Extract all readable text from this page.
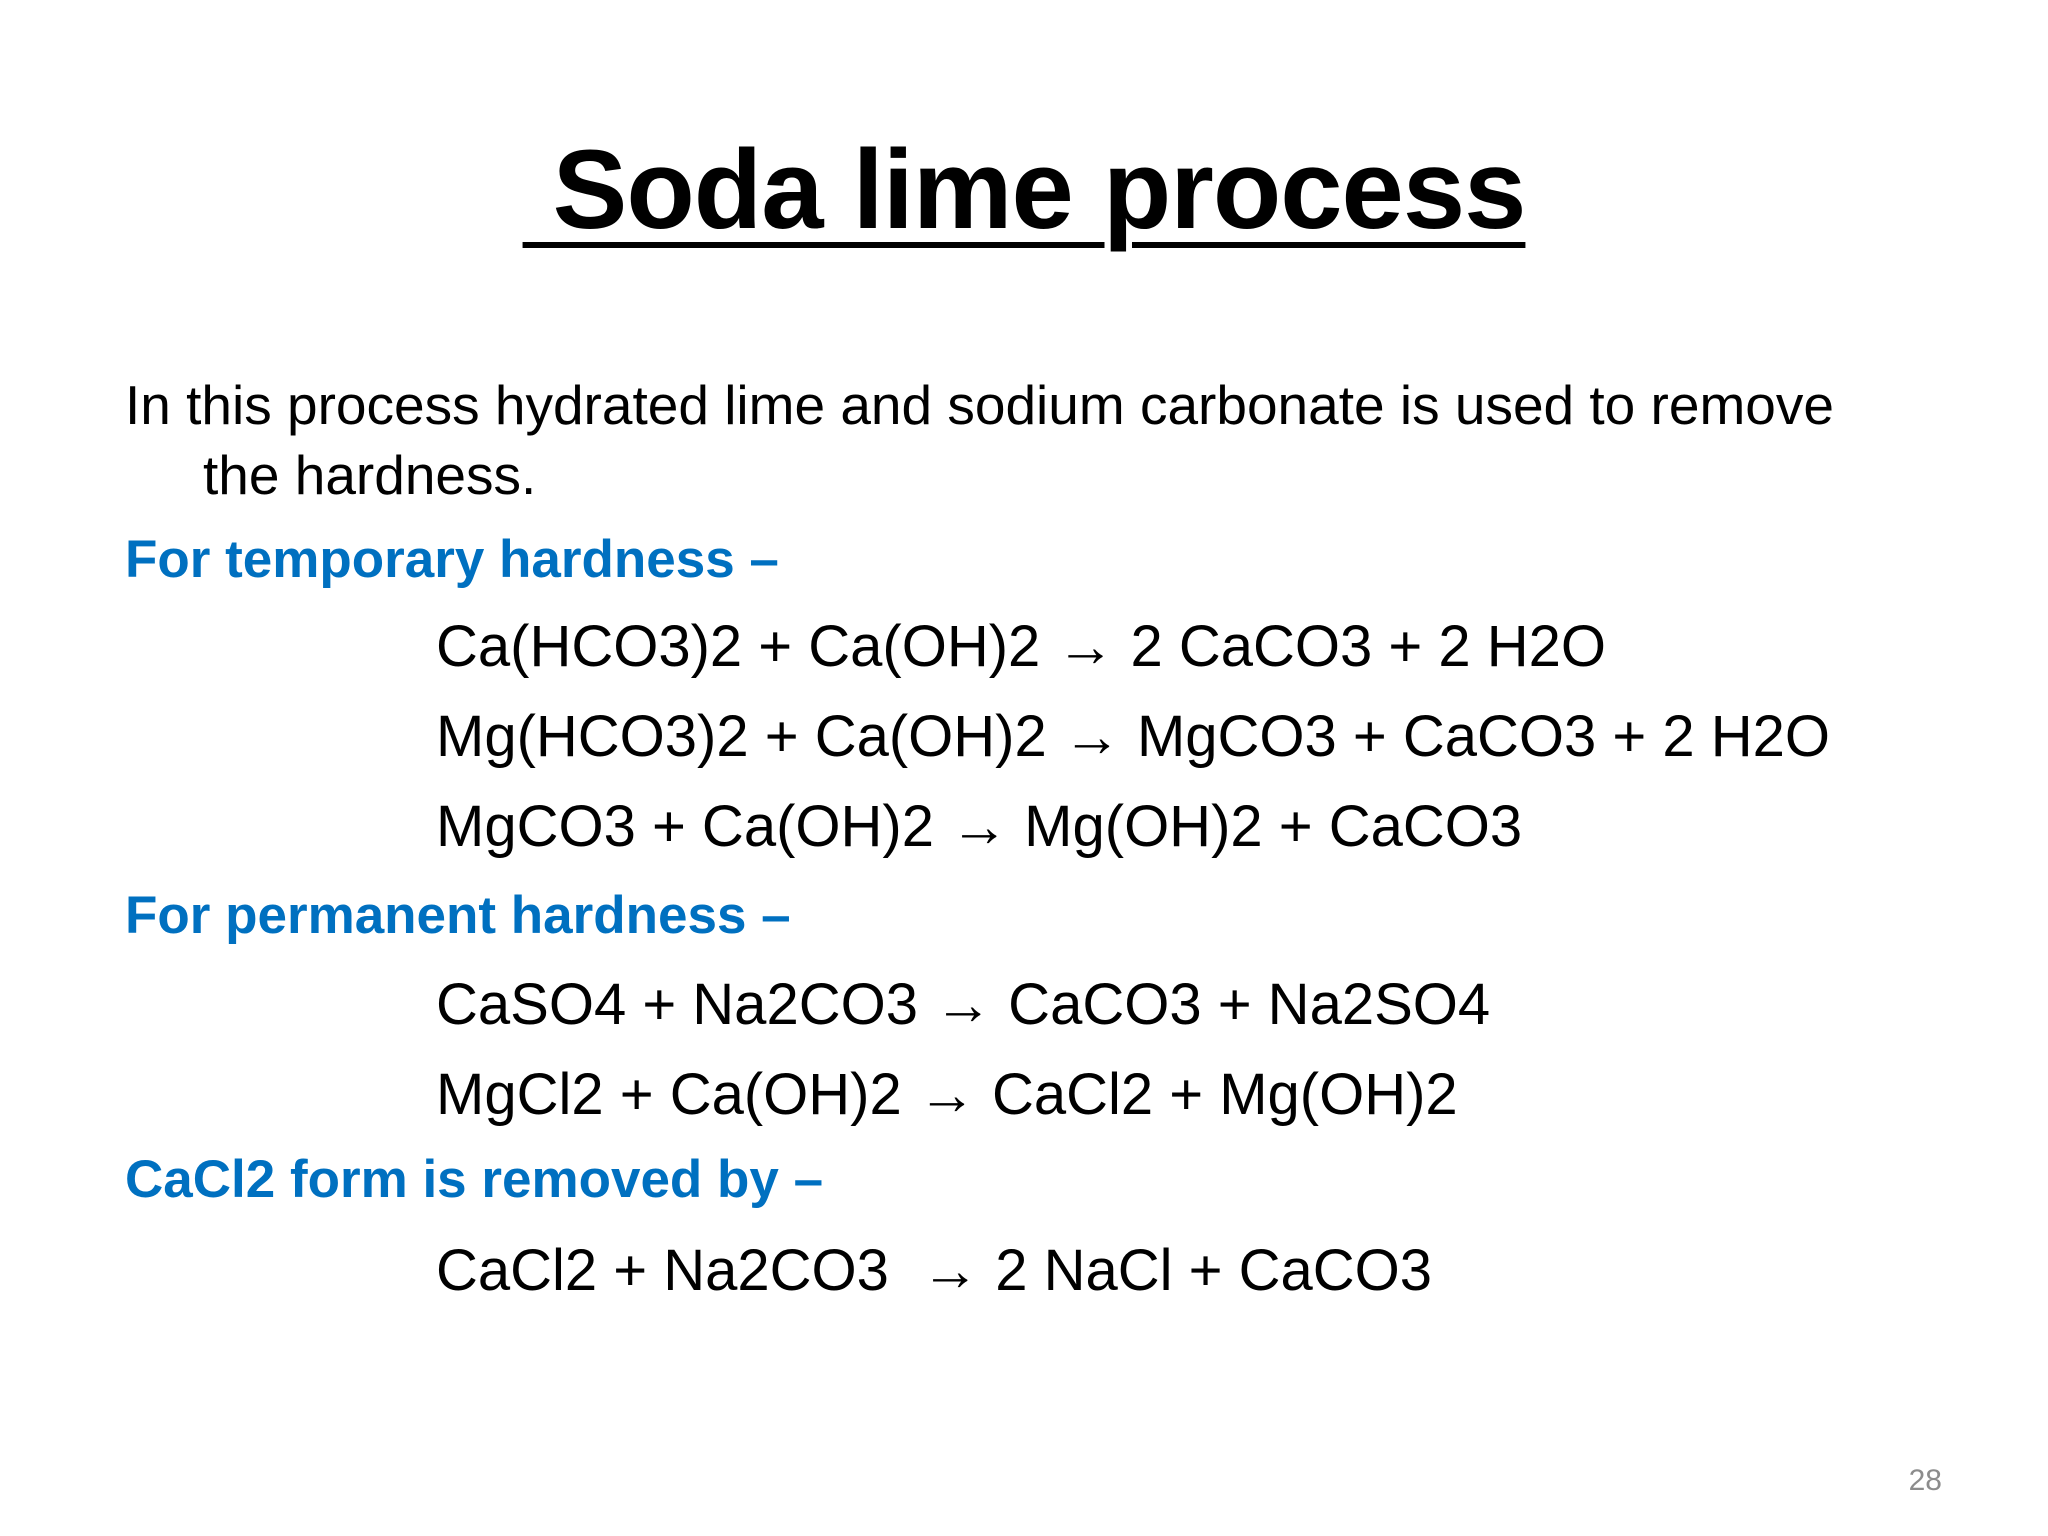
Soda lime process
In this process hydrated lime and sodium carbonate is used to remove
the hardness.
For temporary hardness –
Ca(HCO3)2 + Ca(OH)2 → 2 CaCO3 + 2 H2O
Mg(HCO3)2 + Ca(OH)2 → MgCO3 + CaCO3 + 2 H2O
MgCO3 + Ca(OH)2 → Mg(OH)2 + CaCO3
For permanent hardness –
CaSO4 + Na2CO3 → CaCO3 + Na2SO4
MgCl2 + Ca(OH)2 → CaCl2 + Mg(OH)2
CaCl2 form is removed by –
CaCl2 + Na2CO3  → 2 NaCl + CaCO3
28
